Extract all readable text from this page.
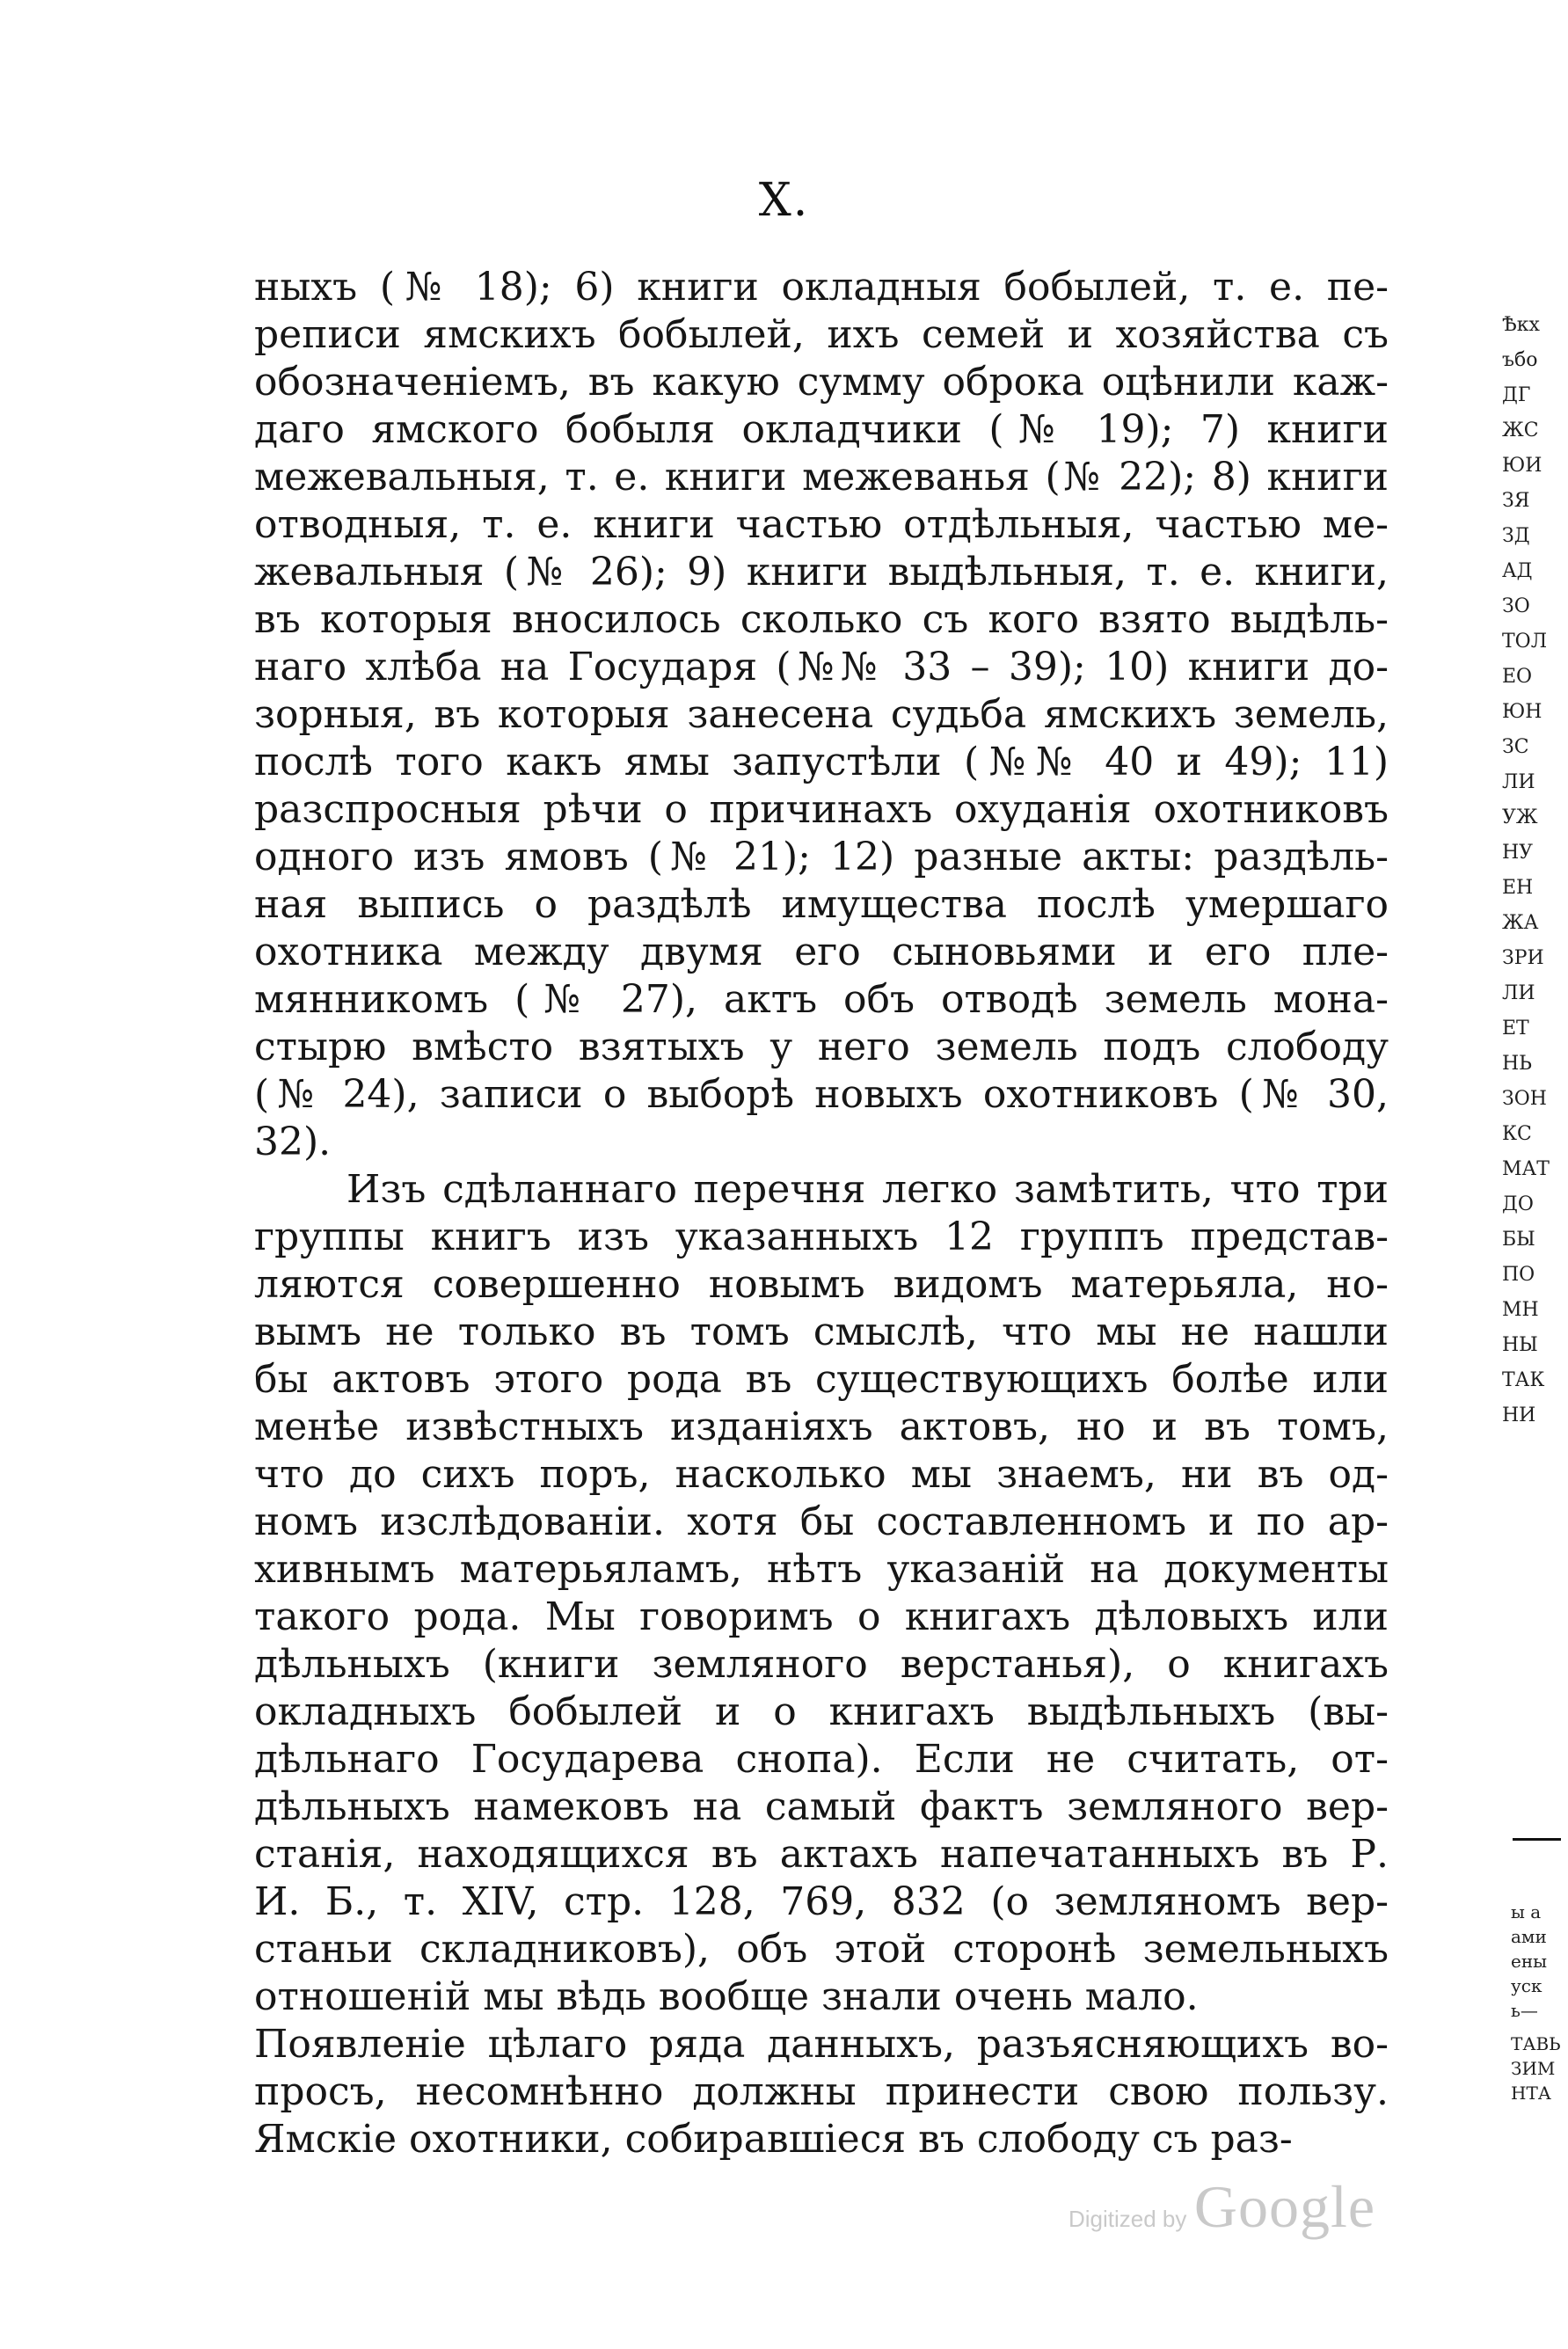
X.
ныхъ (№ 18); 6) книги окладныя бобылей, т. е. пе-
реписи ямскихъ бобылей, ихъ семей и хозяйства съ
обозначеніемъ, въ какую сумму оброка оцѣнили каж-
даго ямского бобыля окладчики (№ 19); 7) книги
межевальныя, т. е. книги межеванья (№ 22); 8) книги
отводныя, т. е. книги частью отдѣльныя, частью ме-
жевальныя (№ 26); 9) книги выдѣльныя, т. е. книги,
въ которыя вносилось сколько съ кого взято выдѣль-
наго хлѣба на Государя (№№ 33 – 39); 10) книги до-
зорныя, въ которыя занесена судьба ямскихъ земель,
послѣ того какъ ямы запустѣли (№№ 40 и 49); 11)
разспросныя рѣчи о причинахъ охуданія охотниковъ
одного изъ ямовъ (№ 21); 12) разные акты: раздѣль-
ная выпись о раздѣлѣ имущества послѣ умершаго
охотника между двумя его сыновьями и его пле-
мянникомъ (№ 27), актъ объ отводѣ земель мона-
стырю вмѣсто взятыхъ у него земель подъ слободу
(№ 24), записи о выборѣ новыхъ охотниковъ (№ 30,
32).
Изъ сдѣланнаго перечня легко замѣтить, что три
группы книгъ изъ указанныхъ 12 группъ представ-
ляются совершенно новымъ видомъ матерьяла, но-
вымъ не только въ томъ смыслѣ, что мы не нашли
бы актовъ этого рода въ существующихъ болѣе или
менѣе извѣстныхъ изданіяхъ актовъ, но и въ томъ,
что до сихъ поръ, насколько мы знаемъ, ни въ од-
номъ изслѣдованіи. хотя бы составленномъ и по ар-
хивнымъ матерьяламъ, нѣтъ указаній на документы
такого рода. Мы говоримъ о книгахъ дѣловыхъ или
дѣльныхъ (книги земляного верстанья), о книгахъ
окладныхъ бобылей и о книгахъ выдѣльныхъ (вы-
дѣльнаго Государева снопа). Если не считать, от-
дѣльныхъ намековъ на самый фактъ земляного вер-
станія, находящихся въ актахъ напечатанныхъ въ Р.
И. Б., т. XIV, стр. 128, 769, 832 (о земляномъ вер-
станьи складниковъ), объ этой сторонѣ земельныхъ
отношеній мы вѣдь вообще знали очень мало.
Появленіе цѣлаго ряда данныхъ, разъясняющихъ во-
просъ, несомнѣнно должны принести свою пользу.
Ямскіе охотники, собиравшіеся въ слободу съ раз-
Ѣкх
ъбо
ДГ
ЖС
ЮИ
ЗЯ
ЗД
АД
ЗО
ТОЛ
ЕО
ЮН
ЗС
ЛИ
УЖ
НУ
ЕН
ЖА
ЗРИ
ЛИ
ЕТ
НЬ
ЗОН
КС
МАТ
ДО
БЫ
ПО
МН
НЫ
ТАК
НИ
ы а
ами
ены
уск
ь—
ТАВЬ
ЗИМ
НТА
Digitized by Google
